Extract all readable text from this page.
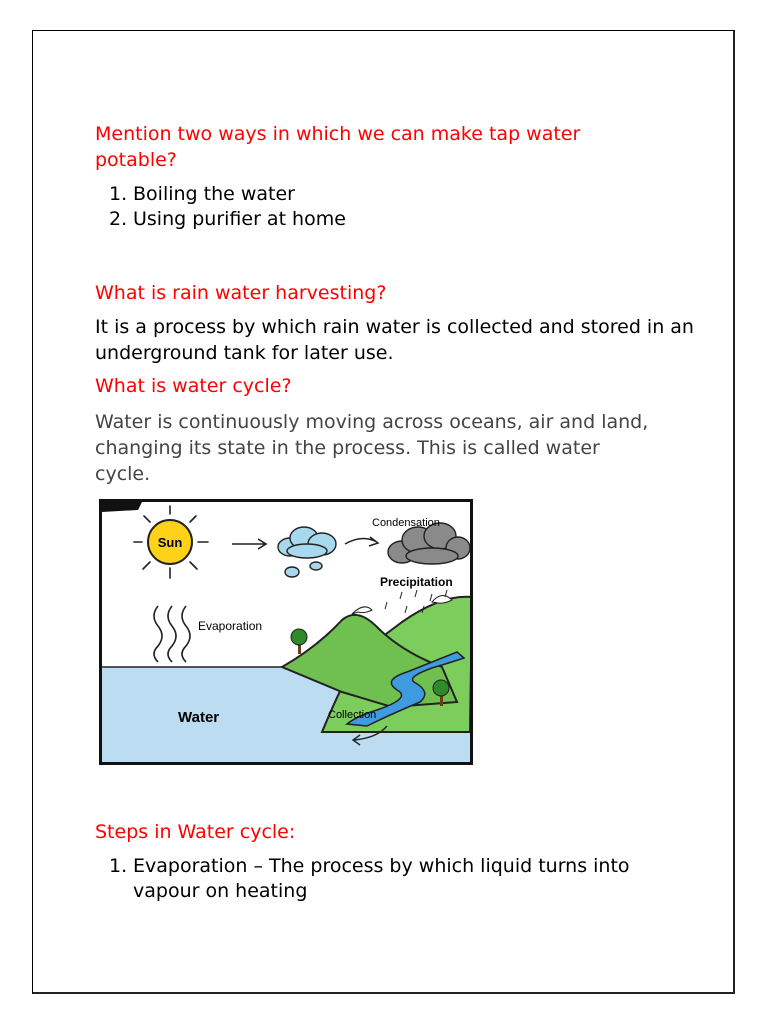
Mention two ways in which we can make tap water potable?

1. Boiling the water
2. Using purifier at home

What is rain water harvesting?

It is a process by which rain water is collected and stored in an underground tank for later use.

What is water cycle?

Water is continuously moving across oceans, air and land, changing its state in the process. This is called water cycle.

Sun
Condensation
Precipitation
Evaporation
Water	Collection

Steps in Water cycle:

1. Evaporation – The process by which liquid turns into vapour on heating
